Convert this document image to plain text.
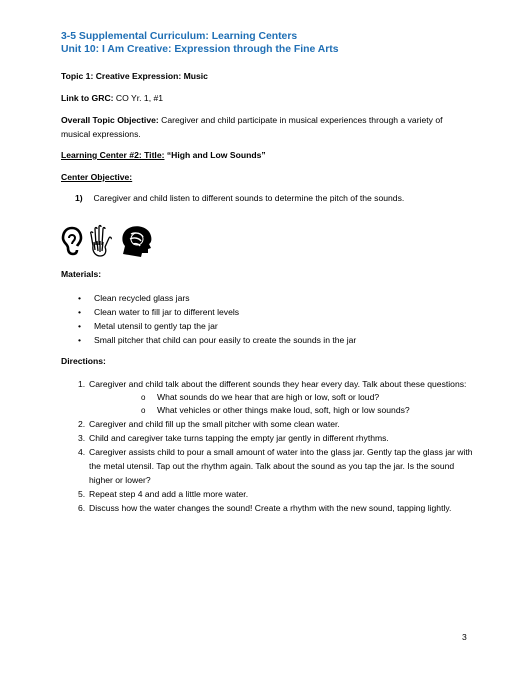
3-5 Supplemental Curriculum: Learning Centers
Unit 10: I Am Creative: Expression through the Fine Arts
Topic 1: Creative Expression: Music
Link to GRC: CO Yr. 1, #1
Overall Topic Objective: Caregiver and child participate in musical experiences through a variety of musical expressions.
Learning Center #2: Title: “High and Low Sounds”
Center Objective:
1) Caregiver and child listen to different sounds to determine the pitch of the sounds.
Materials:
• Clean recycled glass jars
• Clean water to fill jar to different levels
• Metal utensil to gently tap the jar
• Small pitcher that child can pour easily to create the sounds in the jar
Directions:
1. Caregiver and child talk about the different sounds they hear every day. Talk about these questions:
o What sounds do we hear that are high or low, soft or loud?
o What vehicles or other things make loud, soft, high or low sounds?
2. Caregiver and child fill up the small pitcher with some clean water.
3. Child and caregiver take turns tapping the empty jar gently in different rhythms.
4. Caregiver assists child to pour a small amount of water into the glass jar. Gently tap the glass jar with the metal utensil. Tap out the rhythm again. Talk about the sound as you tap the jar. Is the sound higher or lower?
5. Repeat step 4 and add a little more water.
6. Discuss how the water changes the sound! Create a rhythm with the new sound, tapping lightly.
3
